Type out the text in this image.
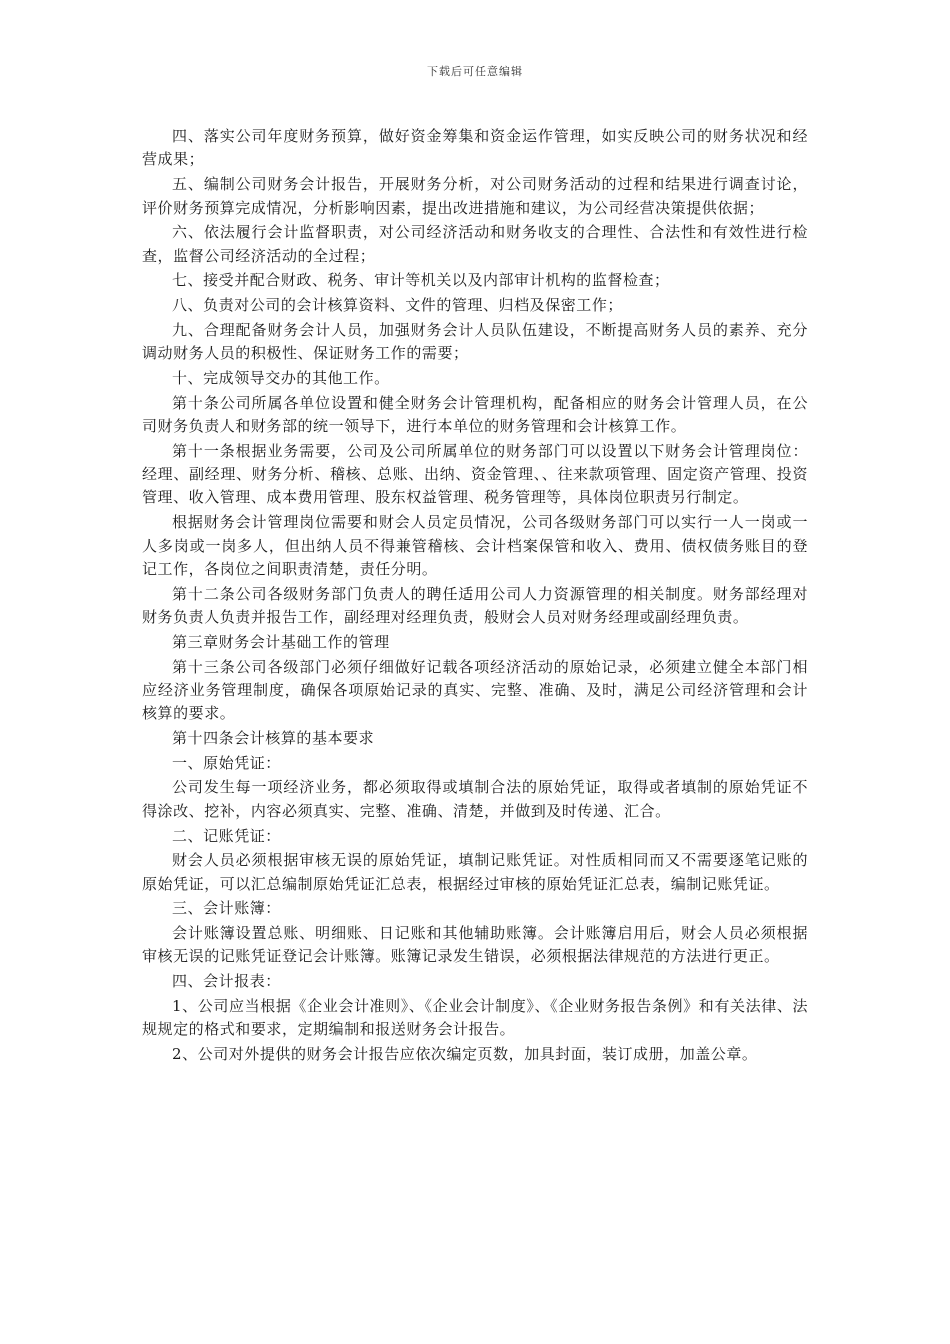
下载后可任意编辑

四、落实公司年度财务预算，做好资金筹集和资金运作管理，如实反映公司的财务状况和经营成果；

五、编制公司财务会计报告，开展财务分析，对公司财务活动的过程和结果进行调查讨论，评价财务预算完成情况，分析影响因素，提出改进措施和建议，为公司经营决策提供依据；

六、依法履行会计监督职责，对公司经济活动和财务收支的合理性、合法性和有效性进行检查，监督公司经济活动的全过程；

七、接受并配合财政、税务、审计等机关以及内部审计机构的监督检查；

八、负责对公司的会计核算资料、文件的管理、归档及保密工作；

九、合理配备财务会计人员，加强财务会计人员队伍建设，不断提高财务人员的素养、充分调动财务人员的积极性、保证财务工作的需要；

十、完成领导交办的其他工作。

第十条公司所属各单位设置和健全财务会计管理机构，配备相应的财务会计管理人员，在公司财务负责人和财务部的统一领导下，进行本单位的财务管理和会计核算工作。

第十一条根据业务需要，公司及公司所属单位的财务部门可以设置以下财务会计管理岗位：经理、副经理、财务分析、稽核、总账、出纳、资金管理、、往来款项管理、固定资产管理、投资管理、收入管理、成本费用管理、股东权益管理、税务管理等，具体岗位职责另行制定。

根据财务会计管理岗位需要和财会人员定员情况，公司各级财务部门可以实行一人一岗或一人多岗或一岗多人，但出纳人员不得兼管稽核、会计档案保管和收入、费用、债权债务账目的登记工作，各岗位之间职责清楚，责任分明。

第十二条公司各级财务部门负责人的聘任适用公司人力资源管理的相关制度。财务部经理对财务负责人负责并报告工作，副经理对经理负责，般财会人员对财务经理或副经理负责。

第三章财务会计基础工作的管理

第十三条公司各级部门必须仔细做好记载各项经济活动的原始记录，必须建立健全本部门相应经济业务管理制度，确保各项原始记录的真实、完整、准确、及时，满足公司经济管理和会计核算的要求。

第十四条会计核算的基本要求

一、原始凭证：

公司发生每一项经济业务，都必须取得或填制合法的原始凭证，取得或者填制的原始凭证不得涂改、挖补，内容必须真实、完整、准确、清楚，并做到及时传递、汇合。

二、记账凭证：

财会人员必须根据审核无误的原始凭证，填制记账凭证。对性质相同而又不需要逐笔记账的原始凭证，可以汇总编制原始凭证汇总表，根据经过审核的原始凭证汇总表，编制记账凭证。

三、会计账簿：

会计账簿设置总账、明细账、日记账和其他辅助账簿。会计账簿启用后，财会人员必须根据审核无误的记账凭证登记会计账簿。账簿记录发生错误，必须根据法律规范的方法进行更正。

四、会计报表：

1、公司应当根据《企业会计准则》、《企业会计制度》、《企业财务报告条例》和有关法律、法规规定的格式和要求，定期编制和报送财务会计报告。

2、公司对外提供的财务会计报告应依次编定页数，加具封面，装订成册，加盖公章。
